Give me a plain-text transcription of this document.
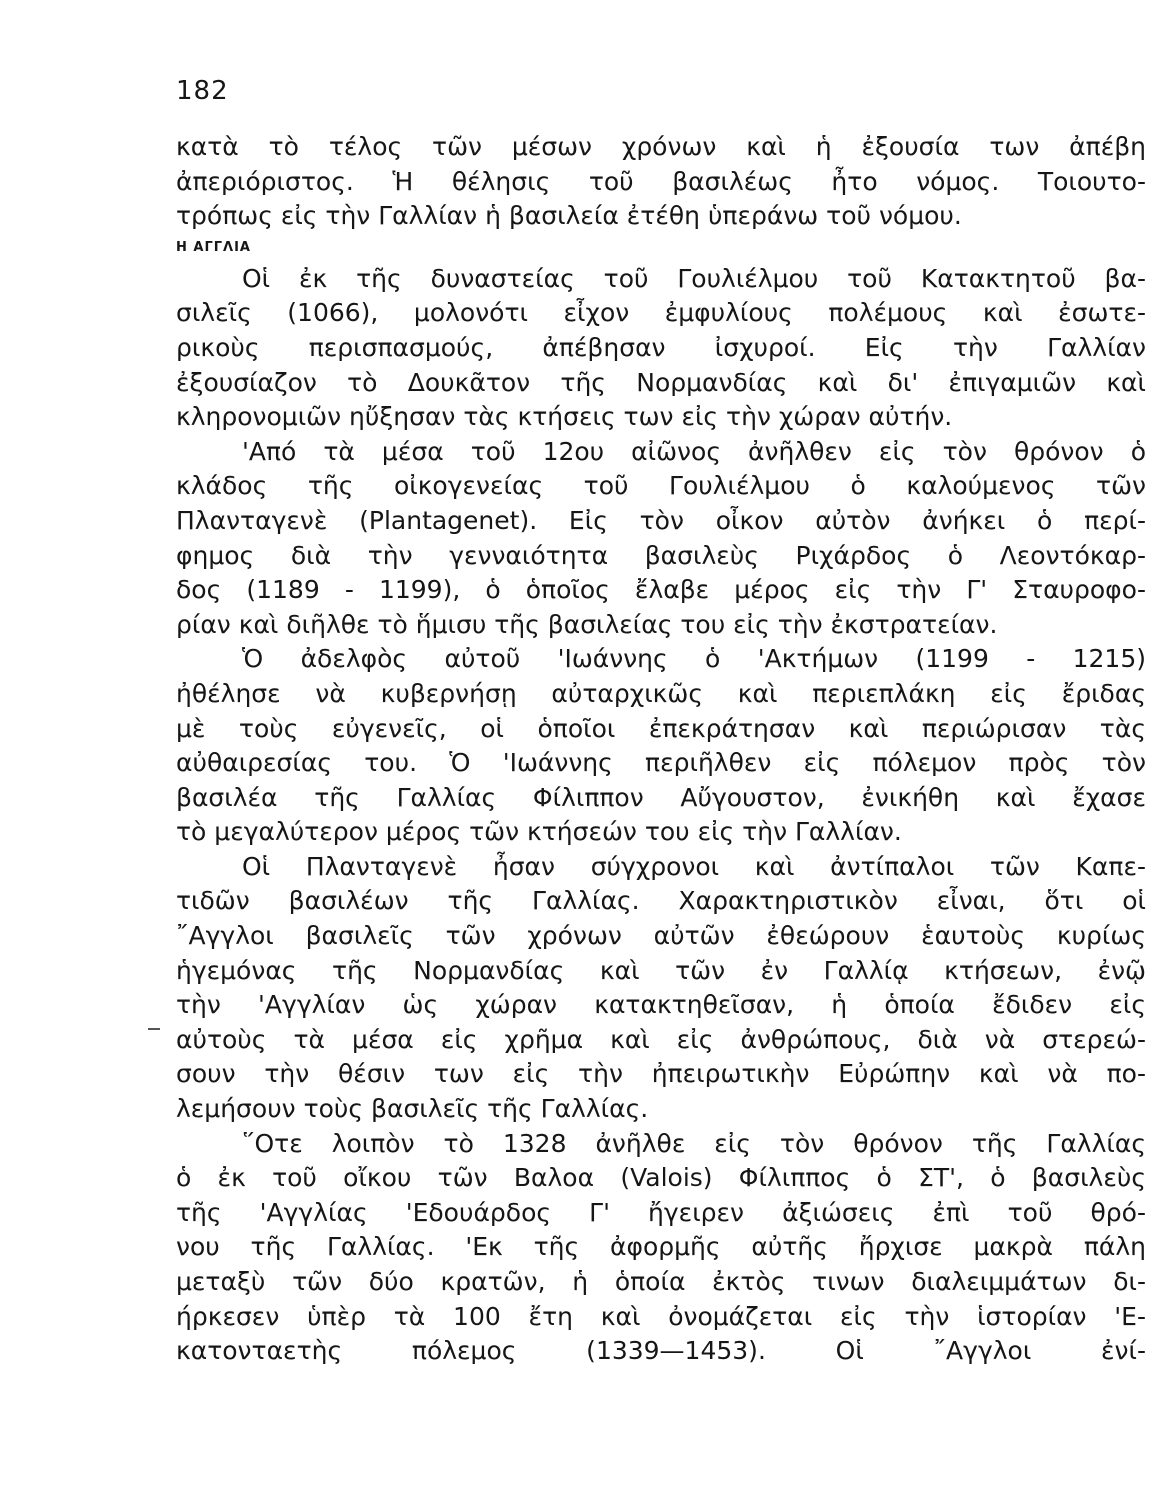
182
κατὰ τὸ τέλος τῶν μέσων χρόνων καὶ ἡ ἐξουσία των ἀπέβη
ἀπεριόριστος. Ἡ θέλησις τοῦ βασιλέως ἦτο νόμος. Τοιουτο-
τρόπως εἰς τὴν Γαλλίαν ἡ βασιλεία ἐτέθη ὑπεράνω τοῦ νόμου.
Η ΑΓΓΛΙΑ
Οἱ ἐκ τῆς δυναστείας τοῦ Γουλιέλμου τοῦ Κατακτητοῦ βα-
σιλεῖς (1066), μολονότι εἶχον ἐμφυλίους πολέμους καὶ ἐσωτε-
ρικοὺς περισπασμούς, ἀπέβησαν ἰσχυροί. Εἰς τὴν Γαλλίαν
ἐξουσίαζον τὸ Δουκᾶτον τῆς Νορμανδίας καὶ δι' ἐπιγαμιῶν καὶ
κληρονομιῶν ηὔξησαν τὰς κτήσεις των εἰς τὴν χώραν αὐτήν.
'Από τὰ μέσα τοῦ 12ου αἰῶνος ἀνῆλθεν εἰς τὸν θρόνον ὁ
κλάδος τῆς οἰκογενείας τοῦ Γουλιέλμου ὁ καλούμενος τῶν
Πλανταγενὲ (Plantagenet). Εἰς τὸν οἶκον αὐτὸν ἀνήκει ὁ περί-
φημος διὰ τὴν γενναιότητα βασιλεὺς Ριχάρδος ὁ Λεοντόκαρ-
δος (1189 - 1199), ὁ ὁποῖος ἔλαβε μέρος εἰς τὴν Γ' Σταυροφο-
ρίαν καὶ διῆλθε τὸ ἥμισυ τῆς βασιλείας του εἰς τὴν ἐκστρατείαν.
Ὁ ἀδελφὸς αὐτοῦ 'Ιωάννης ὁ 'Ακτήμων (1199 - 1215)
ἠθέλησε νὰ κυβερνήσῃ αὐταρχικῶς καὶ περιεπλάκη εἰς ἔριδας
μὲ τοὺς εὐγενεῖς, οἱ ὁποῖοι ἐπεκράτησαν καὶ περιώρισαν τὰς
αὐθαιρεσίας του. Ὁ 'Ιωάννης περιῆλθεν εἰς πόλεμον πρὸς τὸν
βασιλέα τῆς Γαλλίας Φίλιππον Αὔγουστον, ἐνικήθη καὶ ἔχασε
τὸ μεγαλύτερον μέρος τῶν κτήσεών του εἰς τὴν Γαλλίαν.
Οἱ Πλανταγενὲ ἦσαν σύγχρονοι καὶ ἀντίπαλοι τῶν Καπε-
τιδῶν βασιλέων τῆς Γαλλίας. Χαρακτηριστικὸν εἶναι, ὅτι οἱ
῎Αγγλοι βασιλεῖς τῶν χρόνων αὐτῶν ἐθεώρουν ἑαυτοὺς κυρίως
ἡγεμόνας τῆς Νορμανδίας καὶ τῶν ἐν Γαλλίᾳ κτήσεων, ἐνῷ
τὴν 'Αγγλίαν ὡς χώραν κατακτηθεῖσαν, ἡ ὁποία ἔδιδεν εἰς
αὐτοὺς τὰ μέσα εἰς χρῆμα καὶ εἰς ἀνθρώπους, διὰ νὰ στερεώ-
σουν τὴν θέσιν των εἰς τὴν ἠπειρωτικὴν Εὐρώπην καὶ νὰ πο-
λεμήσουν τοὺς βασιλεῖς τῆς Γαλλίας.
῞Οτε λοιπὸν τὸ 1328 ἀνῆλθε εἰς τὸν θρόνον τῆς Γαλλίας
ὁ ἐκ τοῦ οἴκου τῶν Βαλοα (Valois) Φίλιππος ὁ ΣΤ', ὁ βασιλεὺς
τῆς 'Αγγλίας 'Εδουάρδος Γ' ἤγειρεν ἀξιώσεις ἐπὶ τοῦ θρό-
νου τῆς Γαλλίας. 'Εκ τῆς ἀφορμῆς αὐτῆς ἤρχισε μακρὰ πάλη
μεταξὺ τῶν δύο κρατῶν, ἡ ὁποία ἐκτὸς τινων διαλειμμάτων δι-
ήρκεσεν ὑπὲρ τὰ 100 ἔτη καὶ ὀνομάζεται εἰς τὴν ἱστορίαν 'Ε-
κατονταετὴς πόλεμος (1339—1453). Οἱ ῎Αγγλοι ἐνί-
